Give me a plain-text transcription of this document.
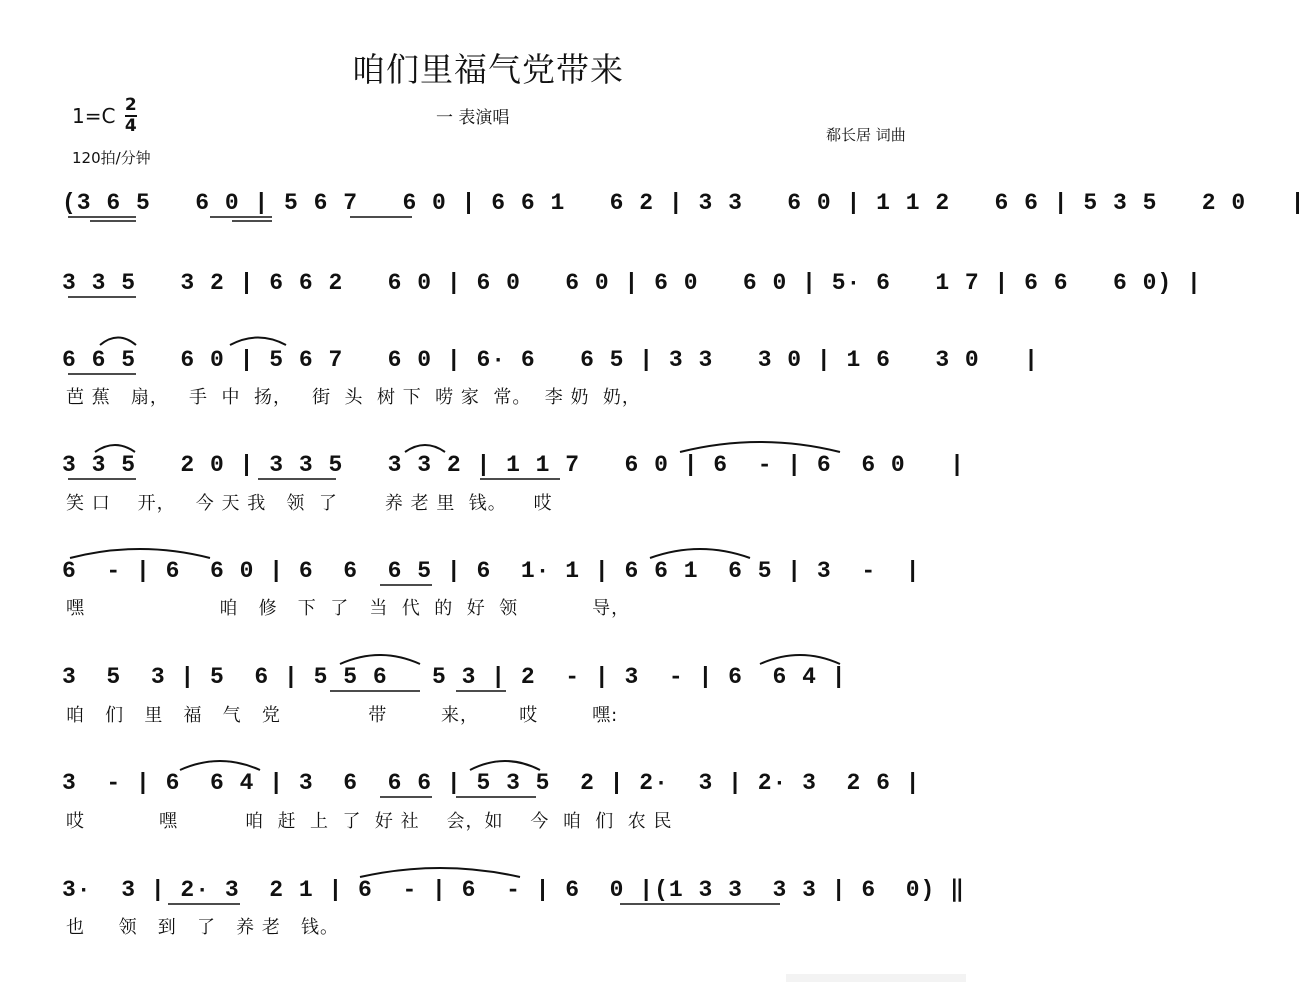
咱们里福气党带来
$1=C \frac{2}{4}$
120拍/分钟
一 表演唱
郗长居 词曲
(3 6 5   6 0 | 5 6 7   6 0 | 6 6 1   6 2 | 3 3   6 0 | 1 1 2   6 6 | 5 3 5   2 0   |
3 3 5   3 2 | 6 6 2   6 0 | 6 0   6 0 | 6 0   6 0 | 5· 6   1 7 | 6 6   6 0) |
6 6 5   6 0 | 5 6 7   6 0 | 6· 6   6 5 | 3 3   3 0 | 1 6   3 0   |
芭 蕉   扇，   手  中  扬，   街  头  树 下  唠 家  常。  李 奶  奶，
3 3 5   2 0 | 3 3 5   3 3 2 | 1 1 7   6 0 | 6  - | 6  6 0   |
笑 口    开，   今 天 我   领  了       养 老 里  钱。    哎
6  - | 6  6 0 | 6  6  6 5 | 6  1· 1 | 6 6 1  6 5 | 3  -  |
嘿                    咱   修   下  了   当  代  的  好  领           导，
3  5  3 | 5  6 | 5 5 6   5 3 | 2  - | 3  - | 6  6 4 |
咱   们   里   福   气   党             带        来，      哎        嘿:
3  - | 6  6 4 | 3  6  6 6 | 5 3 5  2 | 2·  3 | 2· 3  2 6 |
哎           嘿          咱  赶  上  了  好 社    会，如    今  咱  们  农 民
3·  3 | 2· 3  2 1 | 6  - | 6  - | 6  0 |(1 3 3  3 3 | 6  0) ‖
也     领   到   了   养 老   钱。
